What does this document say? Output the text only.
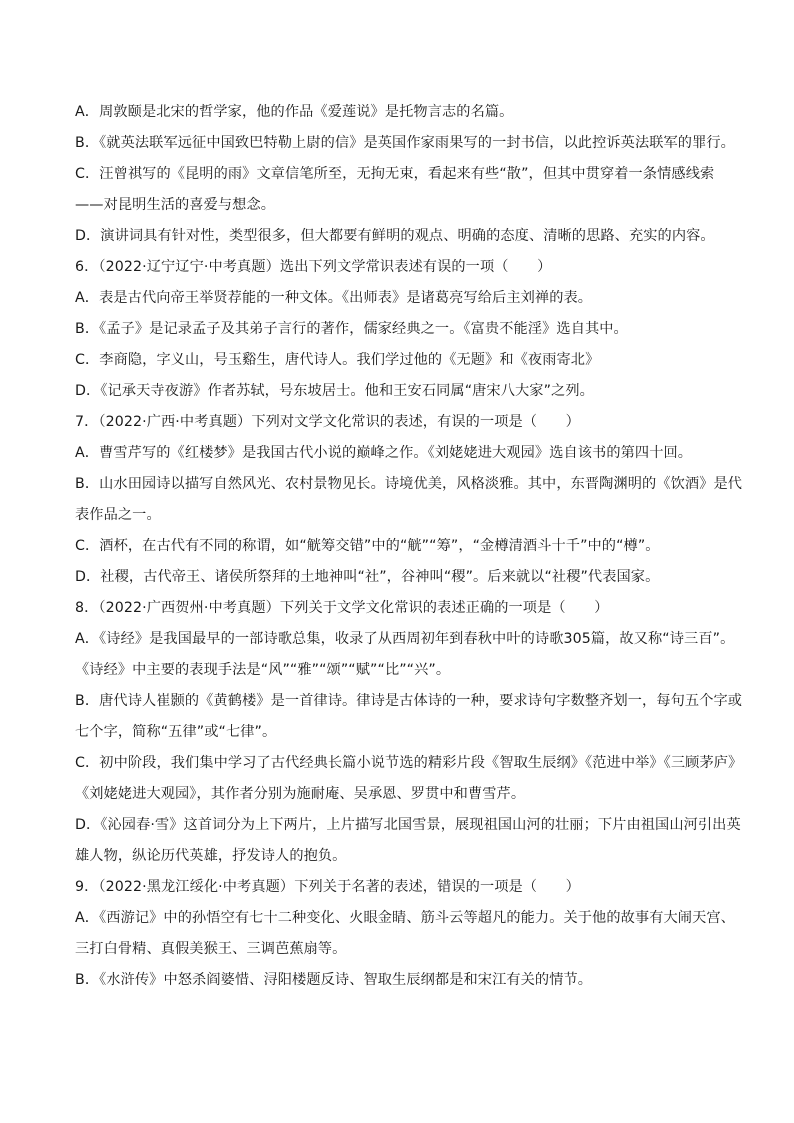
A．周敦颐是北宋的哲学家，他的作品《爱莲说》是托物言志的名篇。
B．《就英法联军远征中国致巴特勒上尉的信》是英国作家雨果写的一封书信，以此控诉英法联军的罪行。
C．汪曾祺写的《昆明的雨》文章信笔所至，无拘无束，看起来有些“散”，但其中贯穿着一条情感线索
——对昆明生活的喜爱与想念。
D．演讲词具有针对性，类型很多，但大都要有鲜明的观点、明确的态度、清晰的思路、充实的内容。
6．（2022·辽宁辽宁·中考真题）选出下列文学常识表述有误的一项（　　）
A．表是古代向帝王举贤荐能的一种文体。《出师表》是诸葛亮写给后主刘禅的表。
B．《孟子》是记录孟子及其弟子言行的著作，儒家经典之一。《富贵不能淫》选自其中。
C．李商隐，字义山，号玉谿生，唐代诗人。我们学过他的《无题》和《夜雨寄北》
D．《记承天寺夜游》作者苏轼，号东坡居士。他和王安石同属“唐宋八大家”之列。
7．（2022·广西·中考真题）下列对文学文化常识的表述，有误的一项是（　　）
A．曹雪芹写的《红楼梦》是我国古代小说的巅峰之作。《刘姥姥进大观园》选自该书的第四十回。
B．山水田园诗以描写自然风光、农村景物见长。诗境优美，风格淡雅。其中，东晋陶渊明的《饮酒》是代
表作品之一。
C．酒杯，在古代有不同的称谓，如“觥筹交错”中的“觥”“筹”，“金樽清酒斗十千”中的“樽”。
D．社稷，古代帝王、诸侯所祭拜的土地神叫“社”，谷神叫“稷”。后来就以“社稷”代表国家。
8．（2022·广西贺州·中考真题）下列关于文学文化常识的表述正确的一项是（　　）
A．《诗经》是我国最早的一部诗歌总集，收录了从西周初年到春秋中叶的诗歌305篇，故又称“诗三百”。
《诗经》中主要的表现手法是“风”“雅”“颂”“赋”“比”“兴”。
B．唐代诗人崔颢的《黄鹤楼》是一首律诗。律诗是古体诗的一种，要求诗句字数整齐划一，每句五个字或
七个字，简称“五律”或“七律”。
C．初中阶段，我们集中学习了古代经典长篇小说节选的精彩片段《智取生辰纲》《范进中举》《三顾茅庐》
《刘姥姥进大观园》，其作者分别为施耐庵、吴承恩、罗贯中和曹雪芹。
D．《沁园春·雪》这首词分为上下两片，上片描写北国雪景，展现祖国山河的壮丽；下片由祖国山河引出英
雄人物，纵论历代英雄，抒发诗人的抱负。
9．（2022·黑龙江绥化·中考真题）下列关于名著的表述，错误的一项是（　　）
A．《西游记》中的孙悟空有七十二种变化、火眼金睛、筋斗云等超凡的能力。关于他的故事有大闹天宫、
三打白骨精、真假美猴王、三调芭蕉扇等。
B．《水浒传》中怒杀阎婆惜、浔阳楼题反诗、智取生辰纲都是和宋江有关的情节。
